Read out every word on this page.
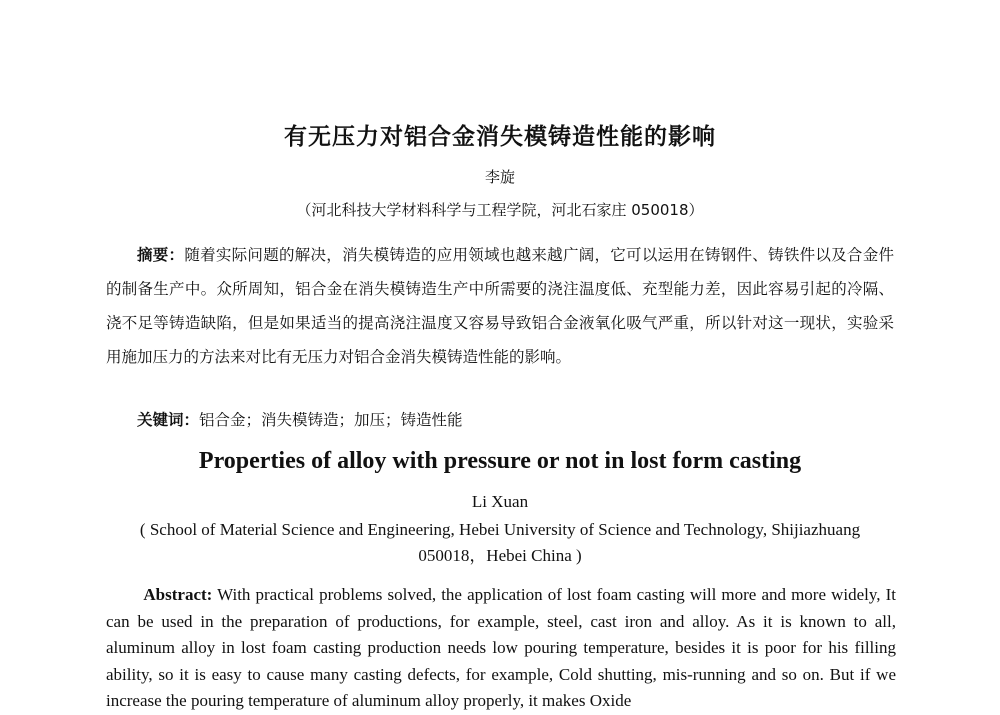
有无压力对铝合金消失模铸造性能的影响
李旋
（河北科技大学材料科学与工程学院，河北石家庄 050018）

摘要：随着实际问题的解决，消失模铸造的应用领域也越来越广阔，它可以运用在铸钢件、铸铁件以及合金件的制备生产中。众所周知，铝合金在消失模铸造生产中所需要的浇注温度低、充型能力差，因此容易引起的冷隔、浇不足等铸造缺陷，但是如果适当的提高浇注温度又容易导致铝合金液氧化吸气严重，所以针对这一现状，实验采用施加压力的方法来对比有无压力对铝合金消失模铸造性能的影响。

关键词：铝合金；消失模铸造；加压；铸造性能

Properties of alloy with pressure or not in lost form casting
Li Xuan

( School of Material Science and Engineering, Hebei University of Science and Technology, Shijiazhuang 050018，Hebei China )

Abstract: With practical problems solved, the application of lost foam casting will more and more widely, It can be used in the preparation of productions, for example, steel, cast iron and alloy. As it is known to all, aluminum alloy in lost foam casting production needs low pouring temperature, besides it is poor for his filling ability, so it is easy to cause many casting defects, for example, Cold shutting, mis-running and so on. But if we increase the pouring temperature of aluminum alloy properly, it makes Oxide
